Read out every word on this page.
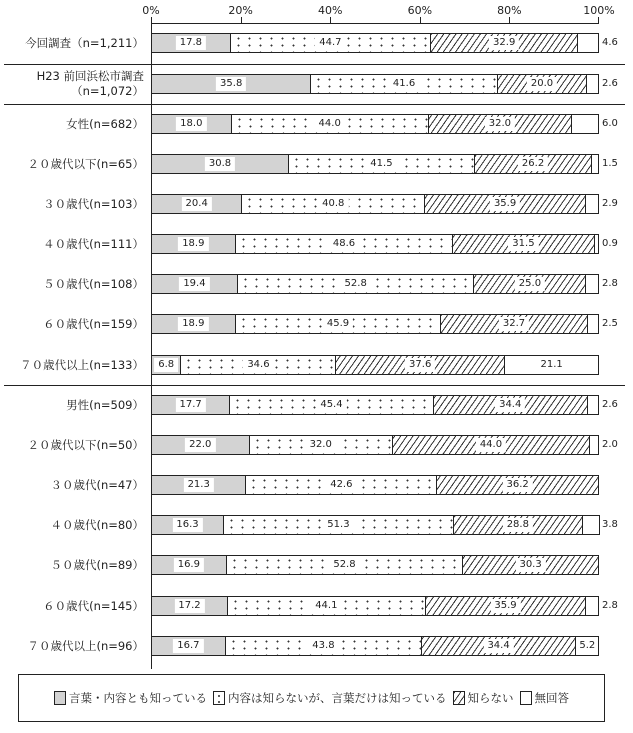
0%	20%	40%	60%	80%	100%
今回調査（n=1,211）	17.8	44.7	32.9	4.6
H23 前回浜松市調査
（n=1,072）
35.8	41.6	20.0	2.6
女性(n=682）	18.0	44.0	32.0	6.0
２０歳代以下(n=65）	30.8	41.5	26.2	1.5
３０歳代(n=103）	20.4	40.8	35.9	2.9
４０歳代(n=111）	18.9	48.6	31.5	0.9
５０歳代(n=108）	19.4	52.8	25.0	2.8
６０歳代(n=159）	18.9	45.9	32.7	2.5
７０歳代以上(n=133）	6.8	34.6	37.6	21.1
男性(n=509）	17.7	45.4	34.4	2.6
２０歳代以下(n=50）	22.0	32.0	44.0	2.0
３０歳代(n=47）	21.3	42.6	36.2
４０歳代(n=80）	16.3	51.3	28.8	3.8
５０歳代(n=89）	16.9	52.8	30.3
６０歳代(n=145）	17.2	44.1	35.9	2.8
７０歳代以上(n=96）	16.7	43.8	34.4	5.2
言葉・内容とも知っている 内容は知らないが、言葉だけは知っている 知らない 無回答
